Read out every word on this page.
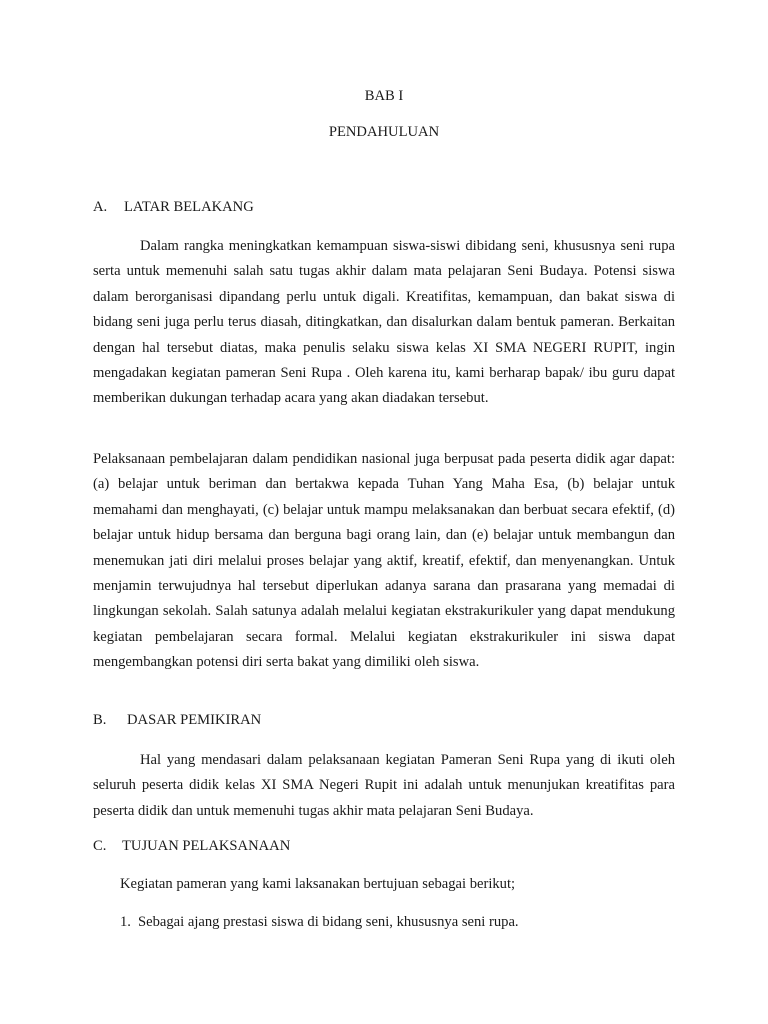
BAB I
PENDAHULUAN
A. LATAR BELAKANG

Dalam rangka meningkatkan kemampuan siswa-siswi dibidang seni, khususnya seni rupa serta untuk memenuhi salah satu tugas akhir dalam mata pelajaran Seni Budaya. Potensi siswa dalam berorganisasi dipandang perlu untuk digali. Kreatifitas, kemampuan, dan bakat siswa di bidang seni juga perlu terus diasah, ditingkatkan, dan disalurkan dalam bentuk pameran. Berkaitan dengan hal tersebut diatas, maka penulis selaku siswa kelas XI SMA NEGERI RUPIT, ingin mengadakan kegiatan pameran Seni Rupa . Oleh karena itu, kami berharap bapak/ ibu guru dapat memberikan dukungan terhadap acara yang akan diadakan tersebut.

Pelaksanaan pembelajaran dalam pendidikan nasional juga berpusat pada peserta didik agar dapat: (a) belajar untuk beriman dan bertakwa kepada Tuhan Yang Maha Esa, (b) belajar untuk memahami dan menghayati, (c) belajar untuk mampu melaksanakan dan berbuat secara efektif, (d) belajar untuk hidup bersama dan berguna bagi orang lain, dan (e) belajar untuk membangun dan menemukan jati diri melalui proses belajar yang aktif, kreatif, efektif, dan menyenangkan. Untuk menjamin terwujudnya hal tersebut diperlukan adanya sarana dan prasarana yang memadai di lingkungan sekolah. Salah satunya adalah melalui kegiatan ekstrakurikuler yang dapat mendukung kegiatan pembelajaran secara formal. Melalui kegiatan ekstrakurikuler ini siswa dapat mengembangkan potensi diri serta bakat yang dimiliki oleh siswa.

B. DASAR PEMIKIRAN

Hal yang mendasari dalam pelaksanaan kegiatan Pameran Seni Rupa yang di ikuti oleh seluruh peserta didik kelas XI SMA Negeri Rupit ini adalah untuk menunjukan kreatifitas para peserta didik dan untuk memenuhi tugas akhir mata pelajaran Seni Budaya.

C. TUJUAN PELAKSANAAN
Kegiatan pameran yang kami laksanakan bertujuan sebagai berikut;
1. Sebagai ajang prestasi siswa di bidang seni, khususnya seni rupa.
